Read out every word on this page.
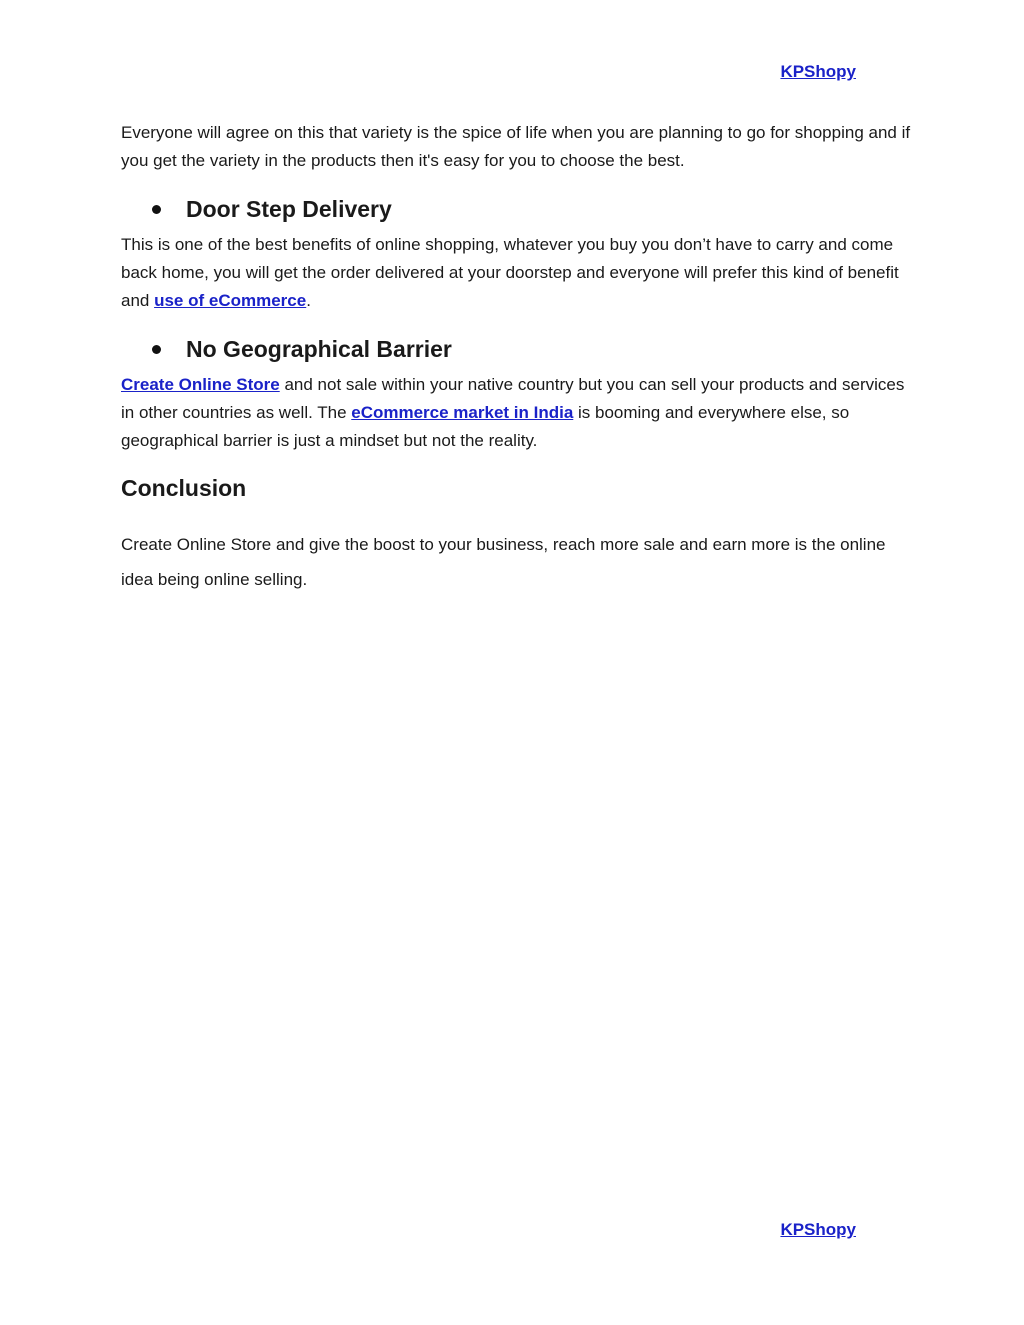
KPShopy

Everyone will agree on this that variety is the spice of life when you are planning to go for shopping and if you get the variety in the products then it's easy for you to choose the best.

Door Step Delivery

This is one of the best benefits of online shopping, whatever you buy you don’t have to carry and come back home, you will get the order delivered at your doorstep and everyone will prefer this kind of benefit and use of eCommerce.

No Geographical Barrier

Create Online Store and not sale within your native country but you can sell your products and services in other countries as well. The eCommerce market in India is booming and everywhere else, so geographical barrier is just a mindset but not the reality.

Conclusion

Create Online Store and give the boost to your business, reach more sale and earn more is the online idea being online selling.

KPShopy
